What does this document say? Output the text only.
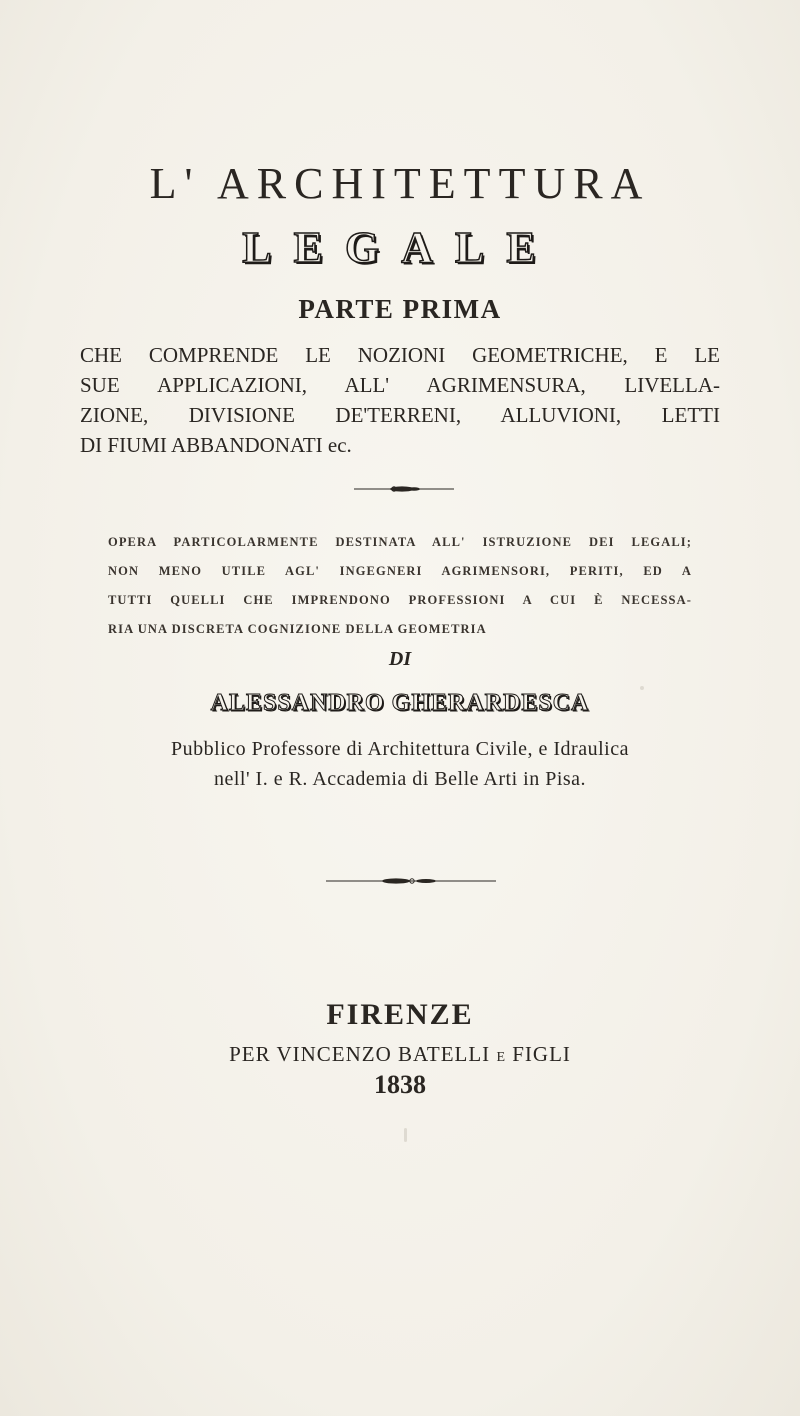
L' ARCHITETTURA
LEGALE
PARTE PRIMA
CHE COMPRENDE LE NOZIONI GEOMETRICHE, E LE
SUE APPLICAZIONI, ALL' AGRIMENSURA, LIVELLA-
ZIONE, DIVISIONE DE'TERRENI, ALLUVIONI, LETTI
DI FIUMI ABBANDONATI ec.
OPERA PARTICOLARMENTE DESTINATA ALL' ISTRUZIONE DEI LEGALI;
NON MENO UTILE AGL' INGEGNERI AGRIMENSORI, PERITI, ED A
TUTTI QUELLI CHE IMPRENDONO PROFESSIONI A CUI È NECESSA-
RIA UNA DISCRETA COGNIZIONE DELLA GEOMETRIA
DI
ALESSANDRO GHERARDESCA
Pubblico Professore di Architettura Civile, e Idraulica
nell' I. e R. Accademia di Belle Arti in Pisa.
FIRENZE
PER VINCENZO BATELLI E FIGLI
1838
